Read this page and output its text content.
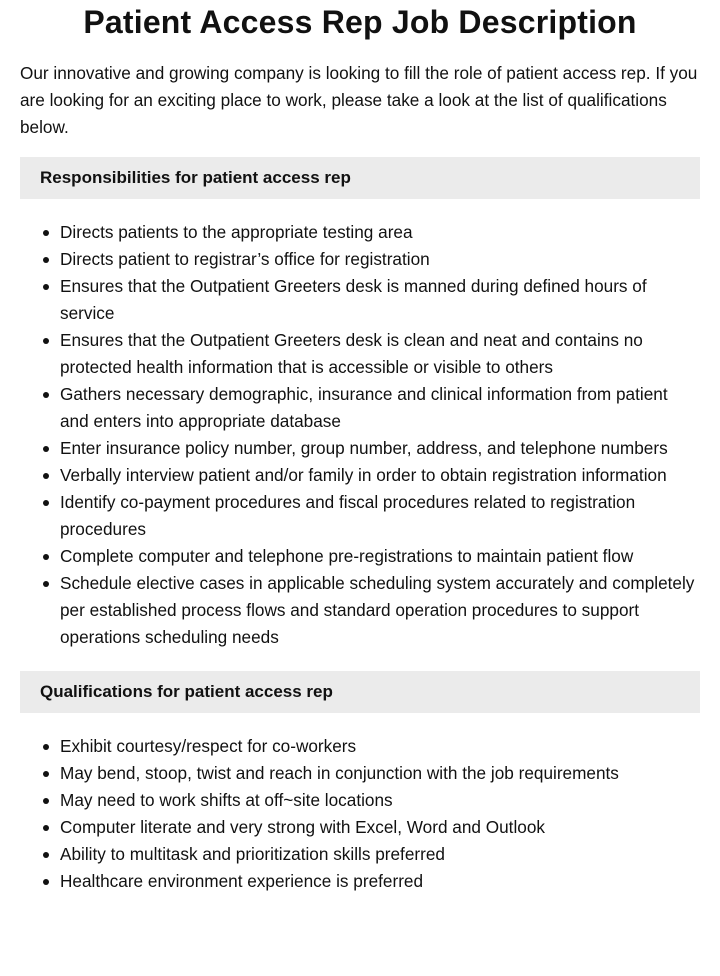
Patient Access Rep Job Description

Our innovative and growing company is looking to fill the role of patient access rep. If you are looking for an exciting place to work, please take a look at the list of qualifications below.

Responsibilities for patient access rep
Directs patients to the appropriate testing area
Directs patient to registrar’s office for registration
Ensures that the Outpatient Greeters desk is manned during defined hours of service
Ensures that the Outpatient Greeters desk is clean and neat and contains no protected health information that is accessible or visible to others
Gathers necessary demographic, insurance and clinical information from patient and enters into appropriate database
Enter insurance policy number, group number, address, and telephone numbers
Verbally interview patient and/or family in order to obtain registration information
Identify co-payment procedures and fiscal procedures related to registration procedures
Complete computer and telephone pre-registrations to maintain patient flow
Schedule elective cases in applicable scheduling system accurately and completely per established process flows and standard operation procedures to support operations scheduling needs
Qualifications for patient access rep
Exhibit courtesy/respect for co-workers
May bend, stoop, twist and reach in conjunction with the job requirements
May need to work shifts at off~site locations
Computer literate and very strong with Excel, Word and Outlook
Ability to multitask and prioritization skills preferred
Healthcare environment experience is preferred
